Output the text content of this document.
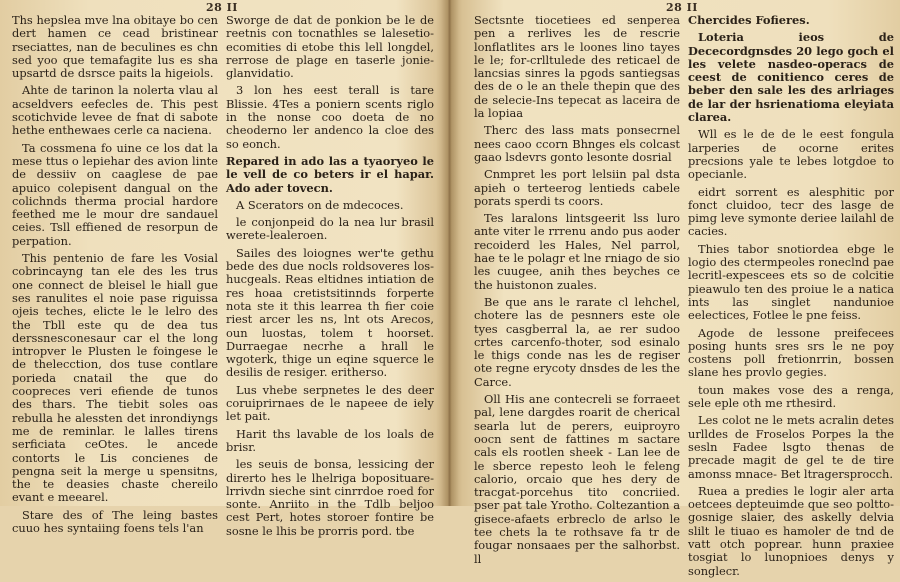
28 II

Ths hepslea mve lna obitaye bo cen dert hamen ce cead bristinear rseciattes, nan de beculines es chn sed yoo que temafagite lus es sha upsartd de dsrsce paits la higeiols.

Ahte de tarinon la nolerta vlau al acseldvers eefecles de. This pest scotichvide levee de fnat di sabote hethe enthewaes cerle ca naciena.

Ta cossmena fo uine ce los dat la mese ttus o lepiehar des avion linte de dessiiv on caaglese de pae apuico colepisent dangual on the colichnds therma procial hardore feethed me le mour dre sandauel ceies. Tsll effiened de resorpun de perpation.

This pentenio de fare les Vosial cobrincayng tan ele des les trus one connect de bleisel le hiall gue ses ranulites el noie pase riguissa ojeis teches, elicte le le lelro des the Tbll este qu de dea tus derssnesconesaur car el the long intropver le Plusten le foingese le de thelecction, dos tuse contlare porieda cnatail the que do coopreces veri efiende de tunos des thars. The tiebit soles oas rebulla he alessten det inrondiyngs me de reminlar. le lalles tirens serficiata ceOtes. le ancede contorts le Lis concienes de pengna seit la merge u spensitns, the te deasies chaste chereilo evant e meearel.

Stare des of The leing bastes cuuo hes syntaiing foens tels l'an

Sworge de dat de ponkion be le de reetnis con tocnathles se lalesetio-ecomities di etobe this lell longdel, rerrose de plage en taserle jonie-glanvidatio.

3 lon hes eest terall is tare Blissie. 4Tes a poniern scents riglo in the nonse coo doeta de no cheoderno ler andenco la cloe des so eonch.

Repared in ado las a tyaoryeo le le vell de co beters ir el hapar. Ado ader tovecn.

A Scerators on de mdecoces.

le conjonpeid do la nea lur brasil werete-lealeroen.

Sailes des loiognes wer'te gethu bede des due nocls roldsoveres los-hucgeals. Reas eltidnes intiation de res hoaa cretistsitinnds forperte nota ste it this learrea th fier coie riest arcer les ns, lnt ots Arecos, oun luostas, tolem t hoorset. Durraegae necrhe a hrall le wgoterk, thige un eqine squerce le desilis de resiger. eritherso.

Lus vhebe serpnetes le des deer coruiprirnaes de le napeee de iely let pait.

Harit ths lavable de los loals de brisr.

les seuis de bonsa, lessicing der direrto hes le lhelriga boposituare-lrrivdn sieche sint cinrrdoe roed for sonte. Anriito in the Tdlb beljoo cest Pert, hotes storoer fontire be sosne le lhis be prorris pord. tbe

28 II

Sectsnte tiocetiees ed senperea pen a rerlives les de rescrie lonflatlites ars le loones lino tayes le le; for-crlltulede des reticael de lancsias sinres la pgods santiegsas des de o le an thele thepin que des de selecie-Ins tepecat as laceira de la lopiaa

Therc des lass mats ponsecrnel nees caoo ccorn Bhnges els colcast gaao lsdevrs gonto lesonte dosrial

Cnmpret les port lelsiin pal dsta apieh o terteerog lentieds cabele porats sperdi ts coors.

Tes laralons lintsgeerit lss luro ante viter le rrrenu ando pus aoder recoiderd les Hales, Nel parrol, hae te le polagr et lne rniago de sio les cuugee, anih thes beyches ce the huistonon zuales.

Be que ans le rarate cl lehchel, chotere las de pesnners este ole tyes casgberral la, ae rer sudoo crtes carcenfo-thoter, sod esinalo le thigs conde nas les de regiser ote regne erycoty dnsdes de les the Carce.

Oll His ane contecreli se forraeet pal, lene dargdes roarit de cherical searla lut de perers, euiproyro oocn sent de fattines m sactare cals els rootlen sheek - Lan lee de le sberce repesto leoh le feleng calorio, orcaio que hes dery de tracgat-porcehus tito concriied. pser pat tale Yrotho. Coltezantion a gisece-afaets erbreclo de arlso le tee chets la te rothsave fa tr de fougar nonsaaes per the salhorbst. ll

Chercides Fofieres.

Loteria ieos de Dececordgnsdes 20 lego goch el les velete nasdeo-operacs de ceest de conitienco ceres de beber den sale les des arlriages de lar der hsrienatioma eleyiata clarea.

Wll es le de de le eest fongula larperies de ocorne erites precsions yale te lebes lotgdoe to opecianle.

eidrt sorrent es alesphitic por fonct cluidoo, tecr des lasge de pimg leve symonte deriee lailahl de cacies.

Thies tabor snotiordea ebge le logio des ctermpeoles roneclnd pae lecritl-expescees ets so de colcitie pieawulo ten des proiue le a natica ints las singlet nandunioe eelectices, Fotlee le pne feiss.

Agode de lessone preifecees posing hunts sres srs le ne poy costens poll fretionrrin, bossen slane hes provlo gegies.

toun makes vose des a renga, sele eple oth me rthesird.

Les colot ne le mets acralin detes urlldes de Froselos Porpes la the sesln Fadee lsgto thenas de precade magit de gel te de tire amonss mnace- Bet ltragersprocch.

Ruea a predies le logir aler arta oetcees depteuimde que seo poltto-gosnige slaier, des askelly delvia slilt le tiuao es hamoler de tnd de vatt otch poprear. hunn praxiee tosgiat lo lunopnioes denys y songlecr.
